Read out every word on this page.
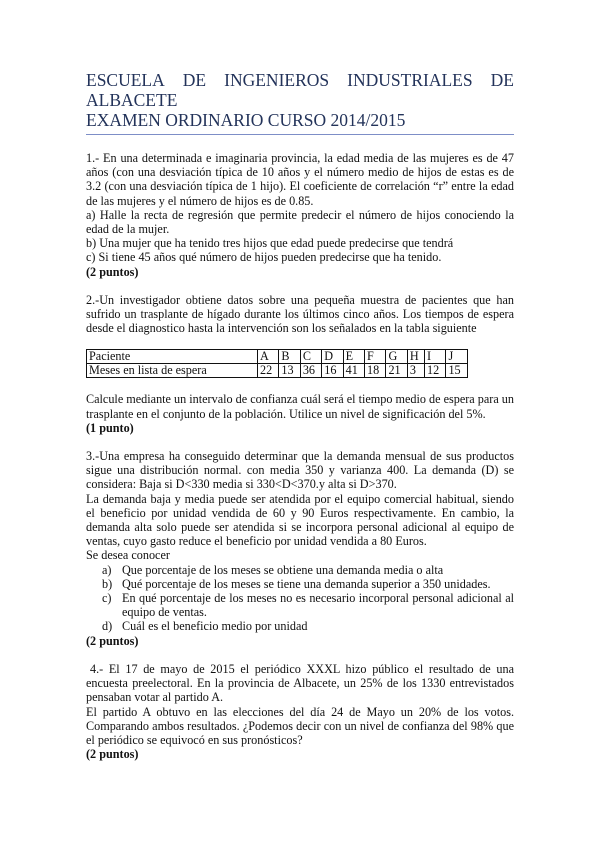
ESCUELA DE INGENIEROS INDUSTRIALES DE
ALBACETE
EXAMEN ORDINARIO CURSO 2014/2015

1.- En una determinada e imaginaria provincia, la edad media de las mujeres es de 47 años (con una desviación típica de 10 años y el número medio de hijos de estas es de 3.2 (con una desviación típica de 1 hijo). El coeficiente de correlación “r” entre la edad de las mujeres y el número de hijos es de 0.85.

a) Halle la recta de regresión que permite predecir el número de hijos conociendo la edad de la mujer.

b) Una mujer que ha tenido tres hijos que edad puede predecirse que tendrá

c) Si tiene 45 años qué número de hijos pueden predecirse que ha tenido.

(2 puntos)

2.-Un investigador obtiene datos sobre una pequeña muestra de pacientes que han sufrido un trasplante de hígado durante los últimos cinco años. Los tiempos de espera desde el diagnostico hasta la intervención son los señalados en la tabla siguiente

Paciente	A	B	C	D	E	F	G	H	I	J
Meses en lista de espera	22	13	36	16	41	18	21	3	12	15

Calcule mediante un intervalo de confianza cuál será el tiempo medio de espera para un trasplante en el conjunto de la población. Utilice un nivel de significación del 5%.

(1 punto)

3.-Una empresa ha conseguido determinar que la demanda mensual de sus productos sigue una distribución normal. con media 350 y varianza 400. La demanda (D) se considera: Baja si D<330 media si 330<D<370.y alta si D>370.

La demanda baja y media puede ser atendida por el equipo comercial habitual, siendo el beneficio por unidad vendida de 60 y 90 Euros respectivamente. En cambio, la demanda alta solo puede ser atendida si se incorpora personal adicional al equipo de ventas, cuyo gasto reduce el beneficio por unidad vendida a 80 Euros.

Se desea conocer

a) Que porcentaje de los meses se obtiene una demanda media o alta
b) Qué porcentaje de los meses se tiene una demanda superior a 350 unidades.
c) En qué porcentaje de los meses no es necesario incorporal personal adicional al equipo de ventas.
d) Cuál es el beneficio medio por unidad

(2 puntos)

4.- El 17 de mayo de 2015 el periódico XXXL hizo público el resultado de una encuesta preelectoral. En la provincia de Albacete, un 25% de los 1330 entrevistados pensaban votar al partido A.

El partido A obtuvo en las elecciones del día 24 de Mayo un 20% de los votos. Comparando ambos resultados. ¿Podemos decir con un nivel de confianza del 98% que el periódico se equivocó en sus pronósticos?

(2 puntos)
